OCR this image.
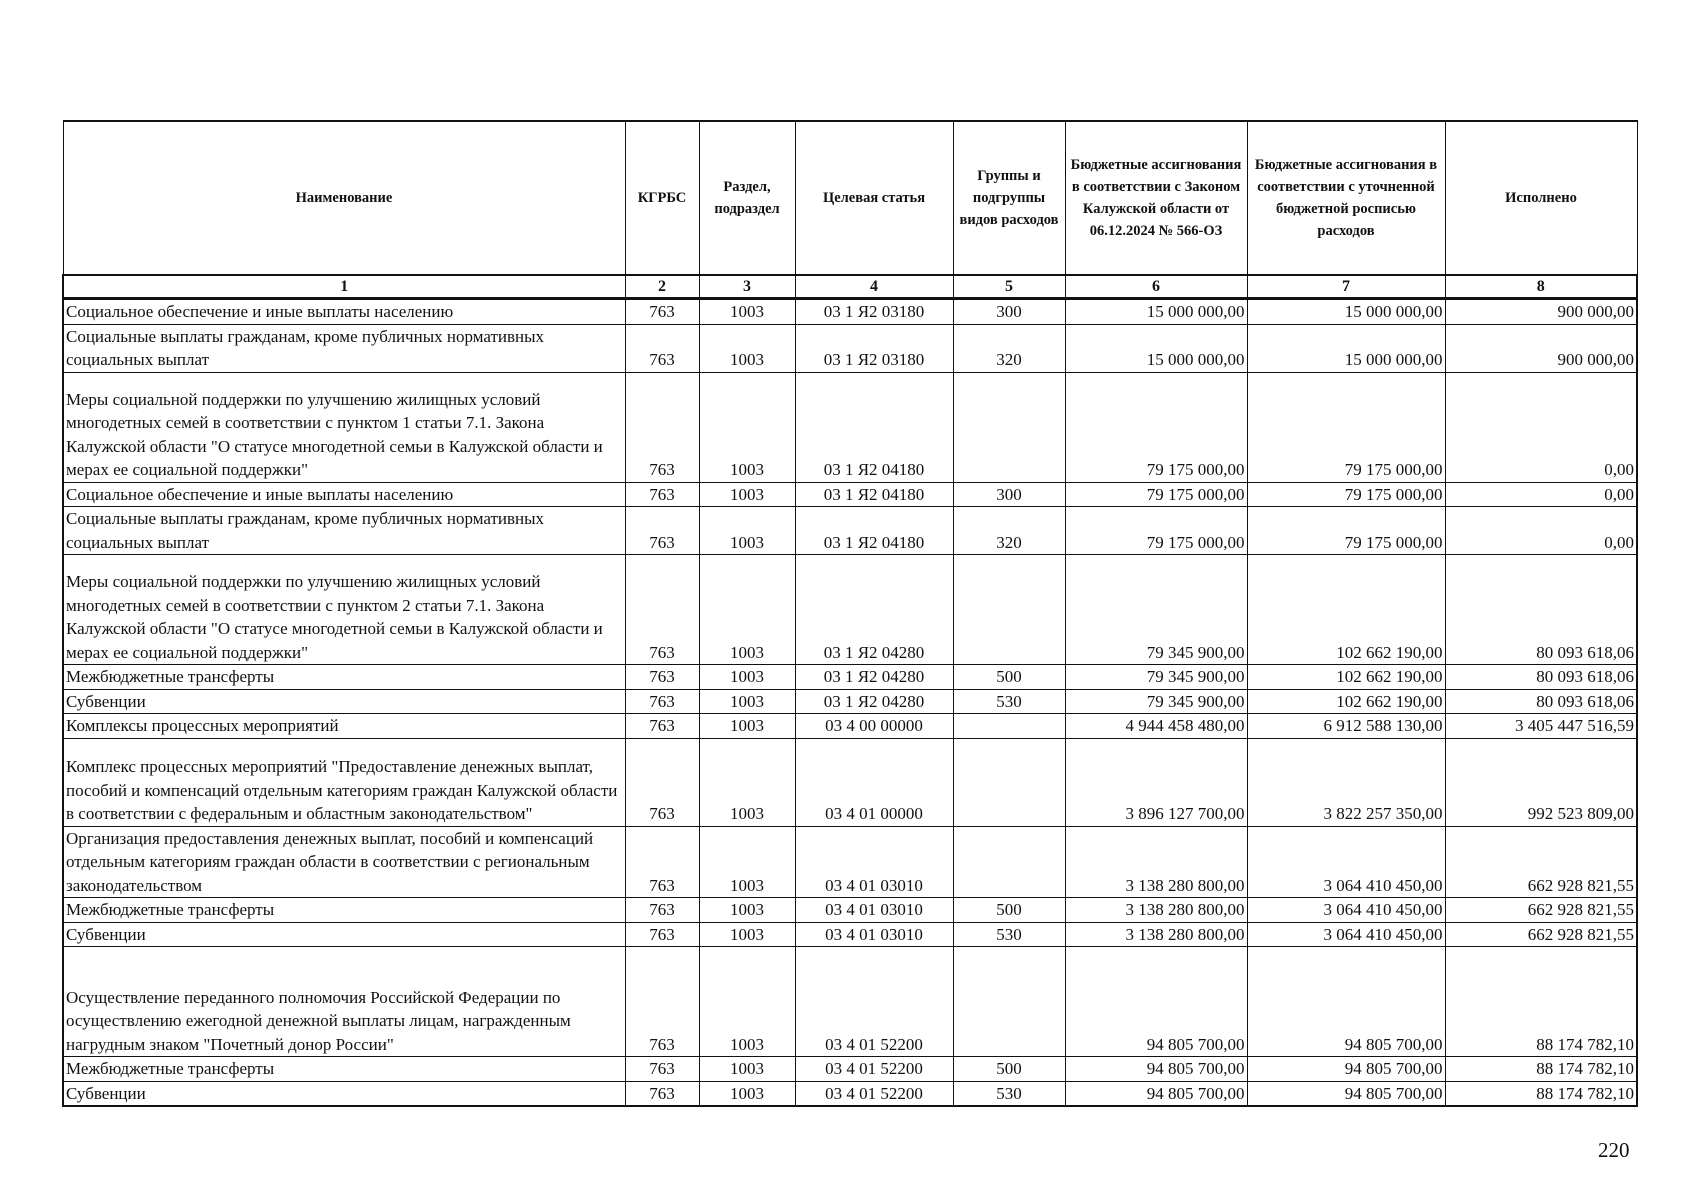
Наименование	КГРБС	Раздел, подраздел	Целевая статья	Группы и подгруппы видов расходов	Бюджетные ассигнования в соответствии с Законом Калужской области от 06.12.2024 № 566-ОЗ	Бюджетные ассигнования в соответствии с уточненной бюджетной росписью расходов	Исполнено
1	2	3	4	5	6	7	8
Социальное обеспечение и иные выплаты населению	763	1003	03 1 Я2 03180	300	15 000 000,00	15 000 000,00	900 000,00
Социальные выплаты гражданам, кроме публичных нормативных социальных выплат	763	1003	03 1 Я2 03180	320	15 000 000,00	15 000 000,00	900 000,00
Меры социальной поддержки по улучшению жилищных условий многодетных семей в соответствии с пунктом 1 статьи 7.1. Закона Калужской области "О статусе многодетной семьи в Калужской области и мерах ее социальной поддержки"	763	1003	03 1 Я2 04180		79 175 000,00	79 175 000,00	0,00
Социальное обеспечение и иные выплаты населению	763	1003	03 1 Я2 04180	300	79 175 000,00	79 175 000,00	0,00
Социальные выплаты гражданам, кроме публичных нормативных социальных выплат	763	1003	03 1 Я2 04180	320	79 175 000,00	79 175 000,00	0,00
Меры социальной поддержки по улучшению жилищных условий многодетных семей в соответствии с пунктом 2 статьи 7.1. Закона Калужской области "О статусе многодетной семьи в Калужской области и мерах ее социальной поддержки"	763	1003	03 1 Я2 04280		79 345 900,00	102 662 190,00	80 093 618,06
Межбюджетные трансферты	763	1003	03 1 Я2 04280	500	79 345 900,00	102 662 190,00	80 093 618,06
Субвенции	763	1003	03 1 Я2 04280	530	79 345 900,00	102 662 190,00	80 093 618,06
Комплексы процессных мероприятий	763	1003	03 4 00 00000		4 944 458 480,00	6 912 588 130,00	3 405 447 516,59
Комплекс процессных мероприятий "Предоставление денежных выплат, пособий и компенсаций отдельным категориям граждан Калужской области в соответствии с федеральным и областным законодательством"	763	1003	03 4 01 00000		3 896 127 700,00	3 822 257 350,00	992 523 809,00
Организация предоставления денежных выплат, пособий и компенсаций отдельным категориям граждан области в соответствии с региональным законодательством	763	1003	03 4 01 03010		3 138 280 800,00	3 064 410 450,00	662 928 821,55
Межбюджетные трансферты	763	1003	03 4 01 03010	500	3 138 280 800,00	3 064 410 450,00	662 928 821,55
Субвенции	763	1003	03 4 01 03010	530	3 138 280 800,00	3 064 410 450,00	662 928 821,55
Осуществление переданного полномочия Российской Федерации по осуществлению ежегодной денежной выплаты лицам, награжденным нагрудным знаком "Почетный донор России"	763	1003	03 4 01 52200		94 805 700,00	94 805 700,00	88 174 782,10
Межбюджетные трансферты	763	1003	03 4 01 52200	500	94 805 700,00	94 805 700,00	88 174 782,10
Субвенции	763	1003	03 4 01 52200	530	94 805 700,00	94 805 700,00	88 174 782,10
220
